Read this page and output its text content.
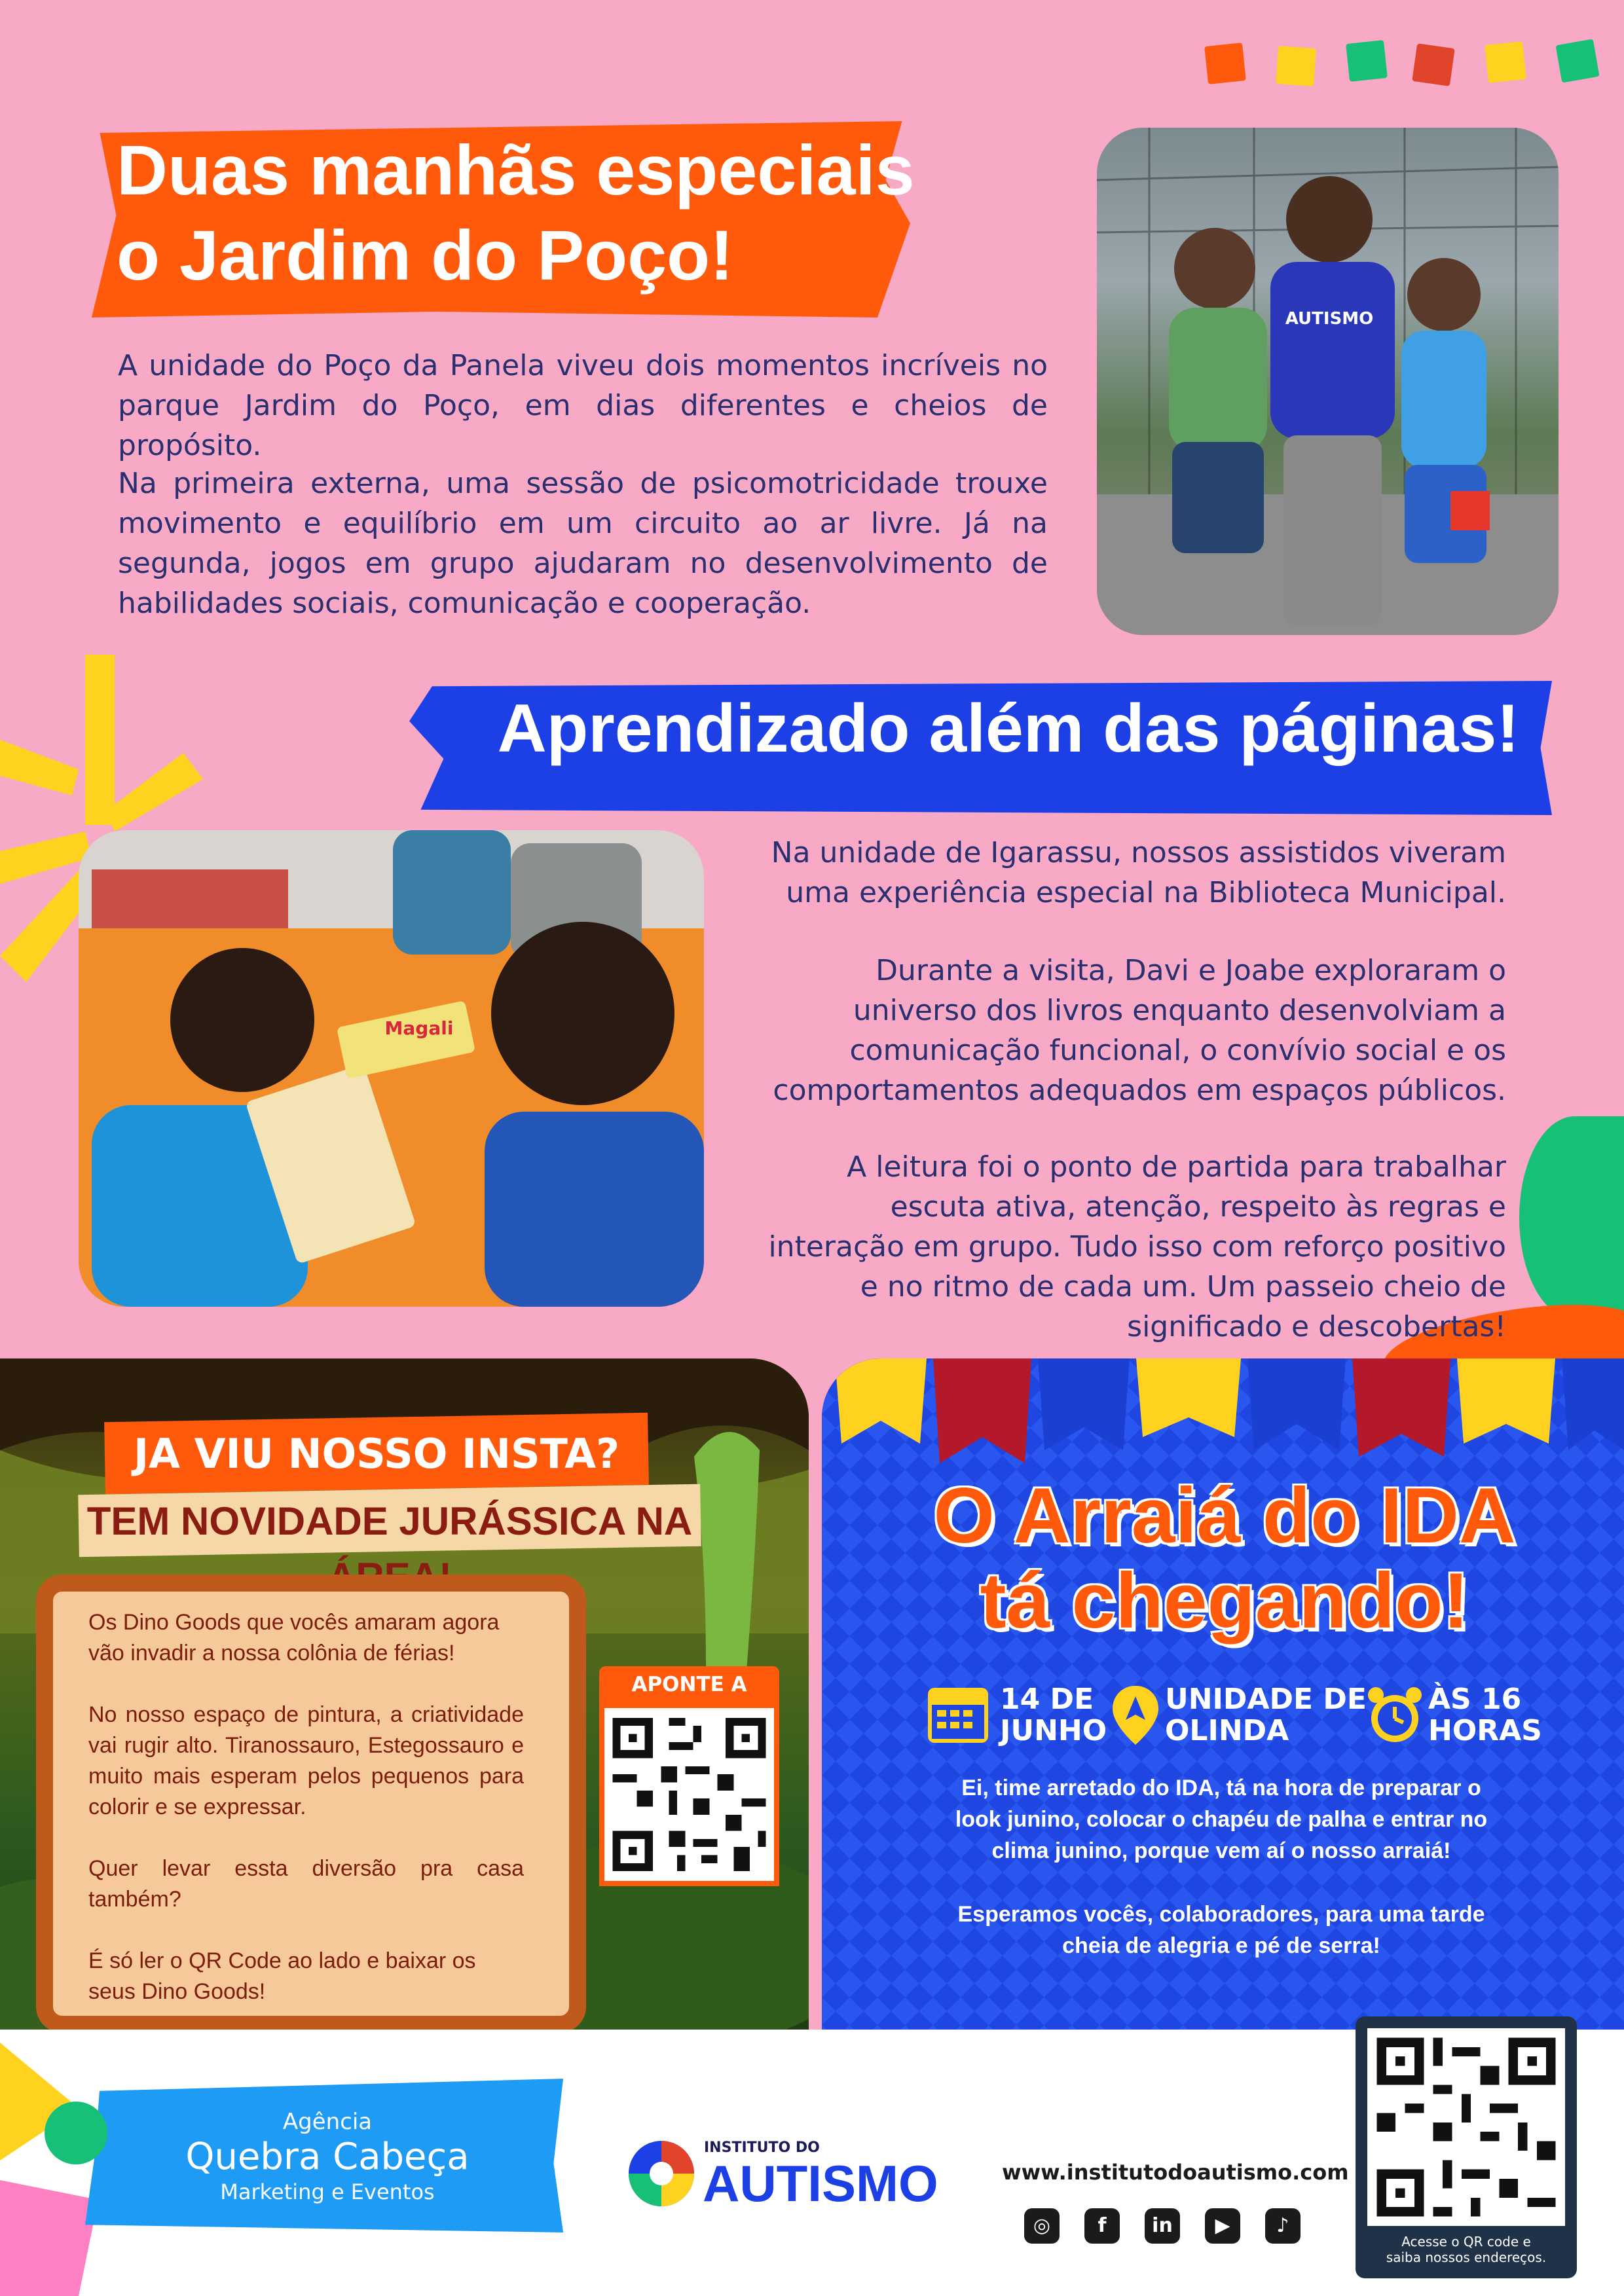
Duas manhãs especiais
o Jardim do Poço!
A unidade do Poço da Panela viveu dois momentos incríveis no parque Jardim do Poço, em dias diferentes e cheios de propósito.
Na primeira externa, uma sessão de psicomotricidade trouxe movimento e equilíbrio em um circuito ao ar livre. Já na segunda, jogos em grupo ajudaram no desenvolvimento de habilidades sociais, comunicação e cooperação.
AUTISMO
Aprendizado além das páginas!
Magali
Na unidade de Igarassu, nossos assistidos viveram uma experiência especial na Biblioteca Municipal.
Durante a visita, Davi e Joabe exploraram o universo dos livros enquanto desenvolviam a comunicação funcional, o convívio social e os comportamentos adequados em espaços públicos.
A leitura foi o ponto de partida para trabalhar escuta ativa, atenção, respeito às regras e interação em grupo. Tudo isso com reforço positivo e no ritmo de cada um. Um passeio cheio de significado e descobertas!
JA VIU NOSSO INSTA?
TEM NOVIDADE JURÁSSICA NA
Os Dino Goods que vocês amaram agora vão invadir a nossa colônia de férias!
No nosso espaço de pintura, a criatividade vai rugir alto. Tiranossauro, Estegossauro e muito mais esperam pelos pequenos para colorir e se expressar.
Quer levar essta diversão pra casa também?
É só ler o QR Code ao lado e baixar os seus Dino Goods!
APONTE A
O Arraiá do IDA
tá chegando!
14 DE
JUNHO
UNIDADE DE
OLINDA
ÀS 16
HORAS
Ei, time arretado do IDA, tá na hora de preparar o look junino, colocar o chapéu de palha e entrar no clima junino, porque vem aí o nosso arraiá!
Esperamos vocês, colaboradores, para uma tarde cheia de alegria e pé de serra!
Agência
Quebra Cabeça
Marketing e Eventos
INSTITUTO DO
AUTISMO	www.institutodoautismo.com
◎	f	in	▶	♪
Acesse o QR code e
saiba nossos endereços.
